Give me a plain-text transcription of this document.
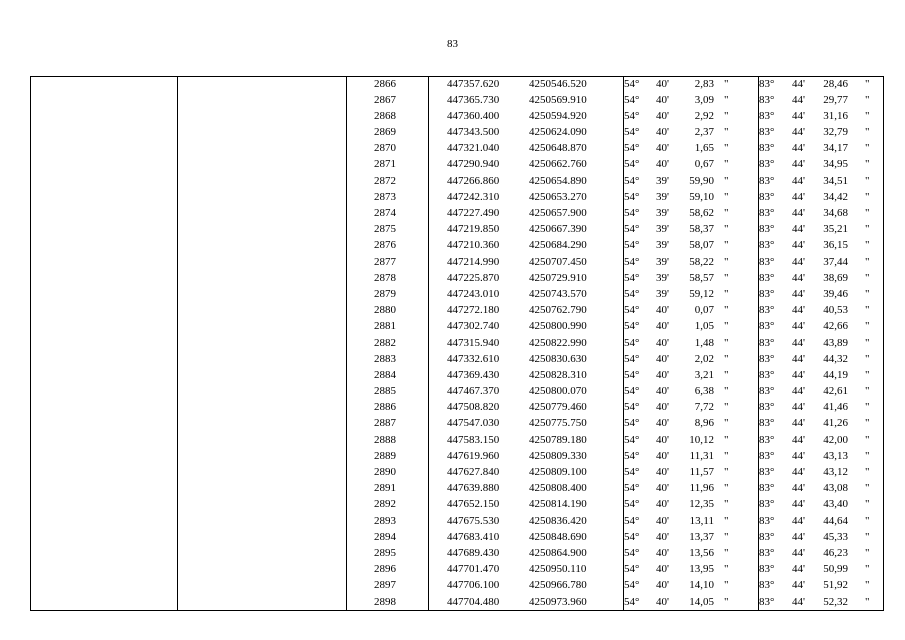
83
		2866	447357.620	4250546.520	54° 40' 2,83 "	83° 44' 28,46 "

		2867	447365.730	4250569.910	54° 40' 3,09 "	83° 44' 29,77 "

		2868	447360.400	4250594.920	54° 40' 2,92 "	83° 44' 31,16 "

		2869	447343.500	4250624.090	54° 40' 2,37 "	83° 44' 32,79 "

		2870	447321.040	4250648.870	54° 40' 1,65 "	83° 44' 34,17 "

		2871	447290.940	4250662.760	54° 40' 0,67 "	83° 44' 34,95 "

		2872	447266.860	4250654.890	54° 39' 59,90 "	83° 44' 34,51 "

		2873	447242.310	4250653.270	54° 39' 59,10 "	83° 44' 34,42 "

		2874	447227.490	4250657.900	54° 39' 58,62 "	83° 44' 34,68 "

		2875	447219.850	4250667.390	54° 39' 58,37 "	83° 44' 35,21 "

		2876	447210.360	4250684.290	54° 39' 58,07 "	83° 44' 36,15 "

		2877	447214.990	4250707.450	54° 39' 58,22 "	83° 44' 37,44 "

		2878	447225.870	4250729.910	54° 39' 58,57 "	83° 44' 38,69 "

		2879	447243.010	4250743.570	54° 39' 59,12 "	83° 44' 39,46 "

		2880	447272.180	4250762.790	54° 40' 0,07 "	83° 44' 40,53 "

		2881	447302.740	4250800.990	54° 40' 1,05 "	83° 44' 42,66 "

		2882	447315.940	4250822.990	54° 40' 1,48 "	83° 44' 43,89 "

		2883	447332.610	4250830.630	54° 40' 2,02 "	83° 44' 44,32 "

		2884	447369.430	4250828.310	54° 40' 3,21 "	83° 44' 44,19 "

		2885	447467.370	4250800.070	54° 40' 6,38 "	83° 44' 42,61 "

		2886	447508.820	4250779.460	54° 40' 7,72 "	83° 44' 41,46 "

		2887	447547.030	4250775.750	54° 40' 8,96 "	83° 44' 41,26 "

		2888	447583.150	4250789.180	54° 40' 10,12 "	83° 44' 42,00 "

		2889	447619.960	4250809.330	54° 40' 11,31 "	83° 44' 43,13 "

		2890	447627.840	4250809.100	54° 40' 11,57 "	83° 44' 43,12 "

		2891	447639.880	4250808.400	54° 40' 11,96 "	83° 44' 43,08 "

		2892	447652.150	4250814.190	54° 40' 12,35 "	83° 44' 43,40 "

		2893	447675.530	4250836.420	54° 40' 13,11 "	83° 44' 44,64 "

		2894	447683.410	4250848.690	54° 40' 13,37 "	83° 44' 45,33 "

		2895	447689.430	4250864.900	54° 40' 13,56 "	83° 44' 46,23 "

		2896	447701.470	4250950.110	54° 40' 13,95 "	83° 44' 50,99 "

		2897	447706.100	4250966.780	54° 40' 14,10 "	83° 44' 51,92 "

		2898	447704.480	4250973.960	54° 40' 14,05 "	83° 44' 52,32 "
